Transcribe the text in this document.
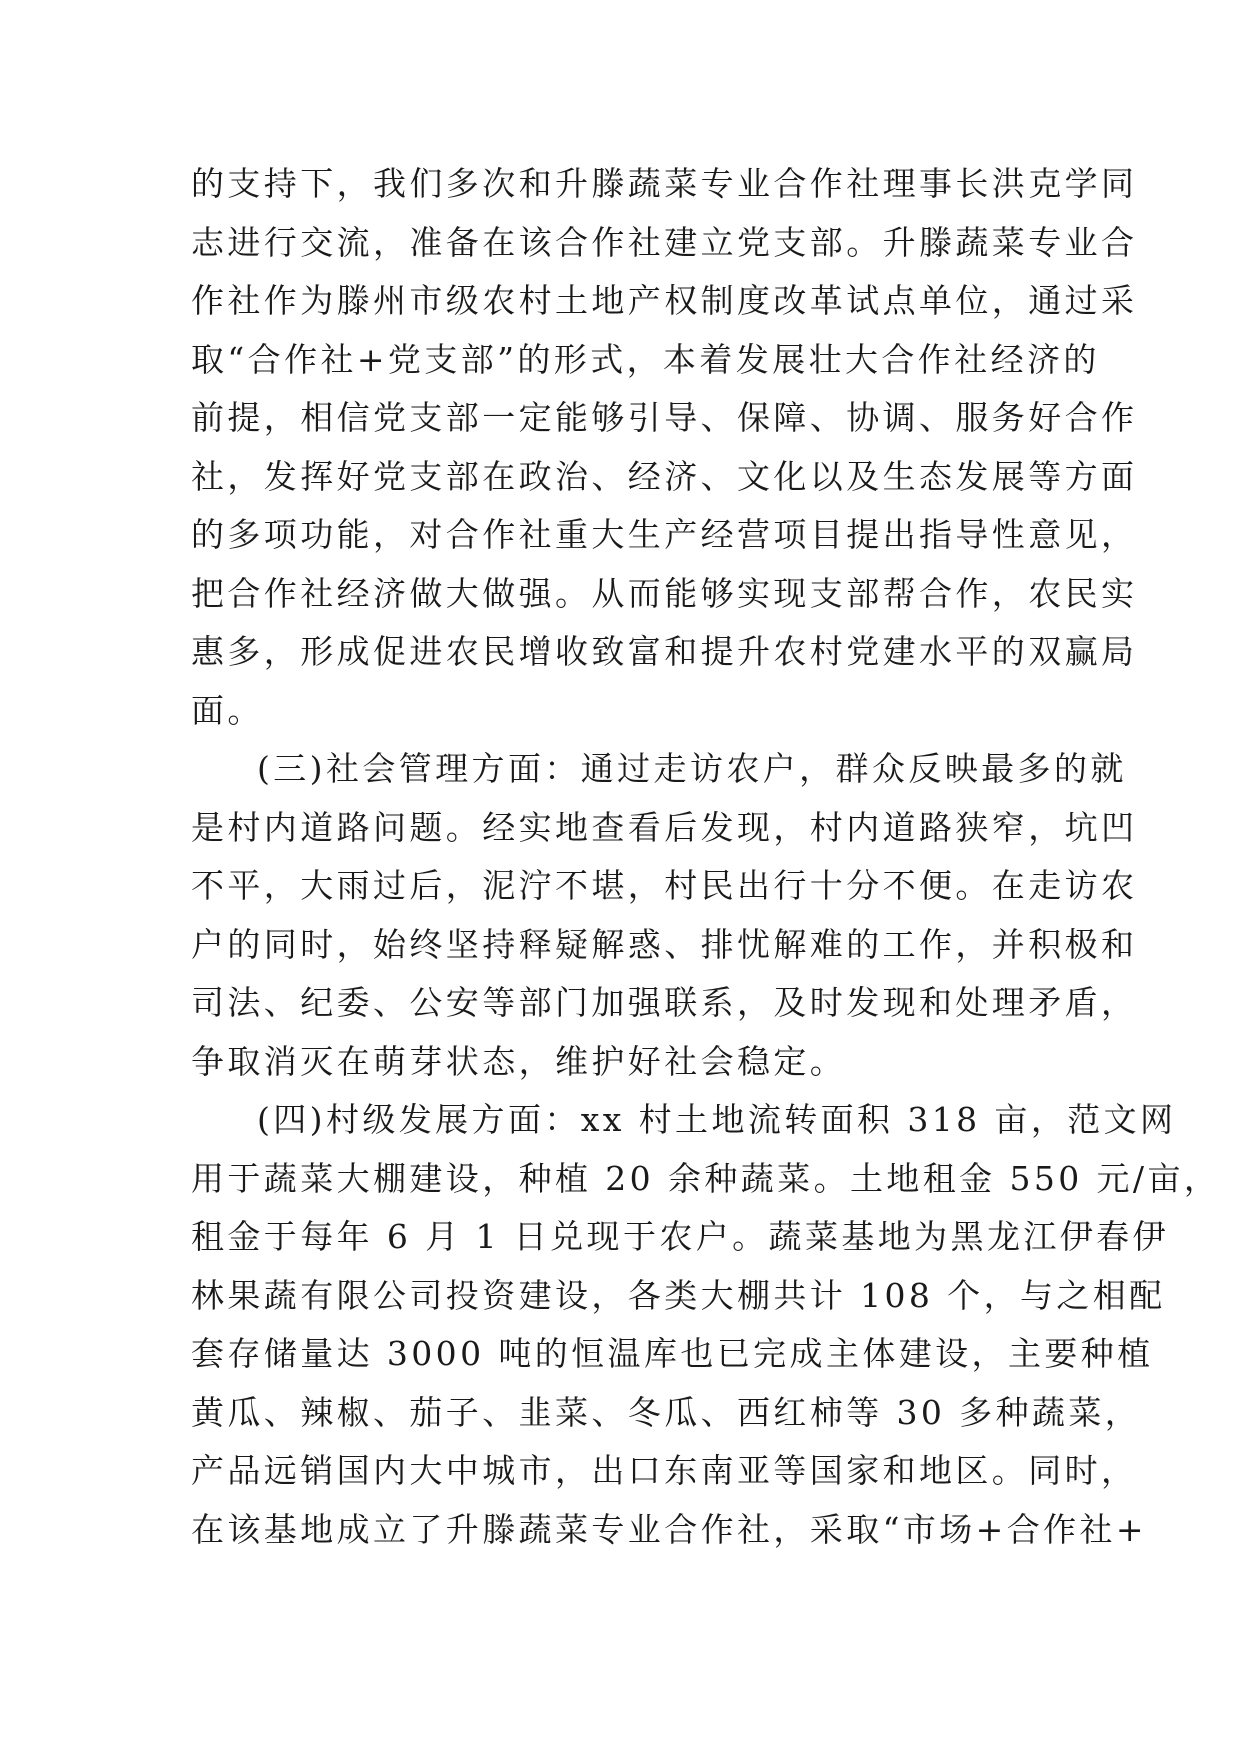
的支持下，我们多次和升滕蔬菜专业合作社理事长洪克学同
志进行交流，准备在该合作社建立党支部。升滕蔬菜专业合
作社作为滕州市级农村土地产权制度改革试点单位，通过采
取“合作社+党支部”的形式，本着发展壮大合作社经济的
前提，相信党支部一定能够引导、保障、协调、服务好合作
社，发挥好党支部在政治、经济、文化以及生态发展等方面
的多项功能，对合作社重大生产经营项目提出指导性意见，
把合作社经济做大做强。从而能够实现支部帮合作，农民实
惠多，形成促进农民增收致富和提升农村党建水平的双赢局
面。
(三)社会管理方面：通过走访农户，群众反映最多的就
是村内道路问题。经实地查看后发现，村内道路狭窄，坑凹
不平，大雨过后，泥泞不堪，村民出行十分不便。在走访农
户的同时，始终坚持释疑解惑、排忧解难的工作，并积极和
司法、纪委、公安等部门加强联系，及时发现和处理矛盾，
争取消灭在萌芽状态，维护好社会稳定。
(四)村级发展方面：xx 村土地流转面积 318 亩，范文网
用于蔬菜大棚建设，种植 20 余种蔬菜。土地租金 550 元/亩，
租金于每年 6 月 1 日兑现于农户。蔬菜基地为黑龙江伊春伊
林果蔬有限公司投资建设，各类大棚共计 108 个，与之相配
套存储量达 3000 吨的恒温库也已完成主体建设，主要种植
黄瓜、辣椒、茄子、韭菜、冬瓜、西红柿等 30 多种蔬菜，
产品远销国内大中城市，出口东南亚等国家和地区。同时，
在该基地成立了升滕蔬菜专业合作社，采取“市场+合作社+
